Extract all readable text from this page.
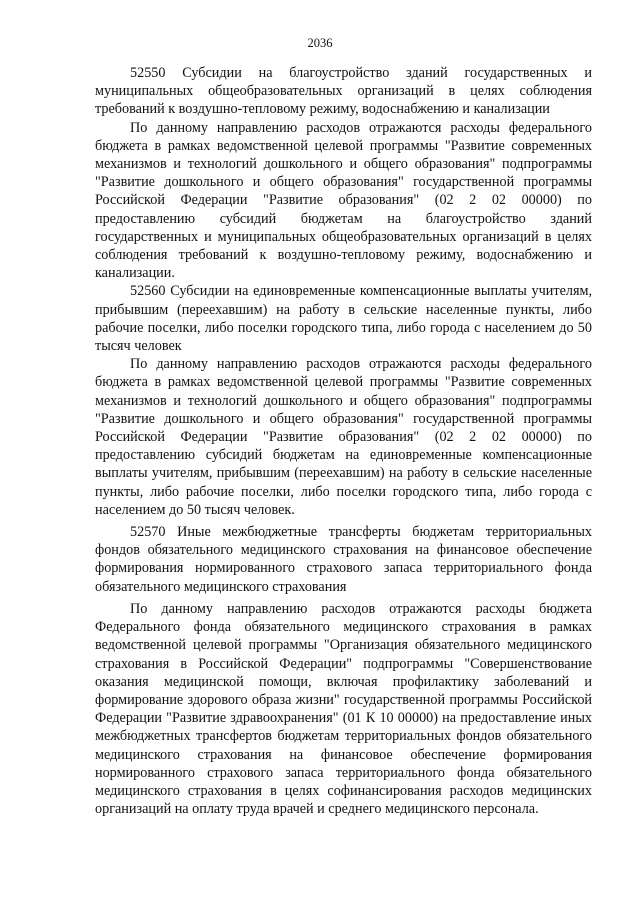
2036

52550 Субсидии на благоустройство зданий государственных и муниципальных общеобразовательных организаций в целях соблюдения требований к воздушно-тепловому режиму, водоснабжению и канализации

По данному направлению расходов отражаются расходы федерального бюджета в рамках ведомственной целевой программы "Развитие современных механизмов и технологий дошкольного и общего образования" подпрограммы "Развитие дошкольного и общего образования" государственной программы Российской Федерации "Развитие образования" (02 2 02 00000) по предоставлению субсидий бюджетам на благоустройство зданий государственных и муниципальных общеобразовательных организаций в целях соблюдения требований к воздушно-тепловому режиму, водоснабжению и канализации.

52560 Субсидии на единовременные компенсационные выплаты учителям, прибывшим (переехавшим) на работу в сельские населенные пункты, либо рабочие поселки, либо поселки городского типа, либо города с населением до 50 тысяч человек

По данному направлению расходов отражаются расходы федерального бюджета в рамках ведомственной целевой программы "Развитие современных механизмов и технологий дошкольного и общего образования" подпрограммы "Развитие дошкольного и общего образования" государственной программы Российской Федерации "Развитие образования" (02 2 02 00000) по предоставлению субсидий бюджетам на единовременные компенсационные выплаты учителям, прибывшим (переехавшим) на работу в сельские населенные пункты, либо рабочие поселки, либо поселки городского типа, либо города с населением до 50 тысяч человек.

52570 Иные межбюджетные трансферты бюджетам территориальных фондов обязательного медицинского страхования на финансовое обеспечение формирования нормированного страхового запаса территориального фонда обязательного медицинского страхования

По данному направлению расходов отражаются расходы бюджета Федерального фонда обязательного медицинского страхования в рамках ведомственной целевой программы "Организация обязательного медицинского страхования в Российской Федерации" подпрограммы "Совершенствование оказания медицинской помощи, включая профилактику заболеваний и формирование здорового образа жизни" государственной программы Российской Федерации "Развитие здравоохранения" (01 К 10 00000) на предоставление иных межбюджетных трансфертов бюджетам территориальных фондов обязательного медицинского страхования на финансовое обеспечение формирования нормированного страхового запаса территориального фонда обязательного медицинского страхования в целях софинансирования расходов медицинских организаций на оплату труда врачей и среднего медицинского персонала.
